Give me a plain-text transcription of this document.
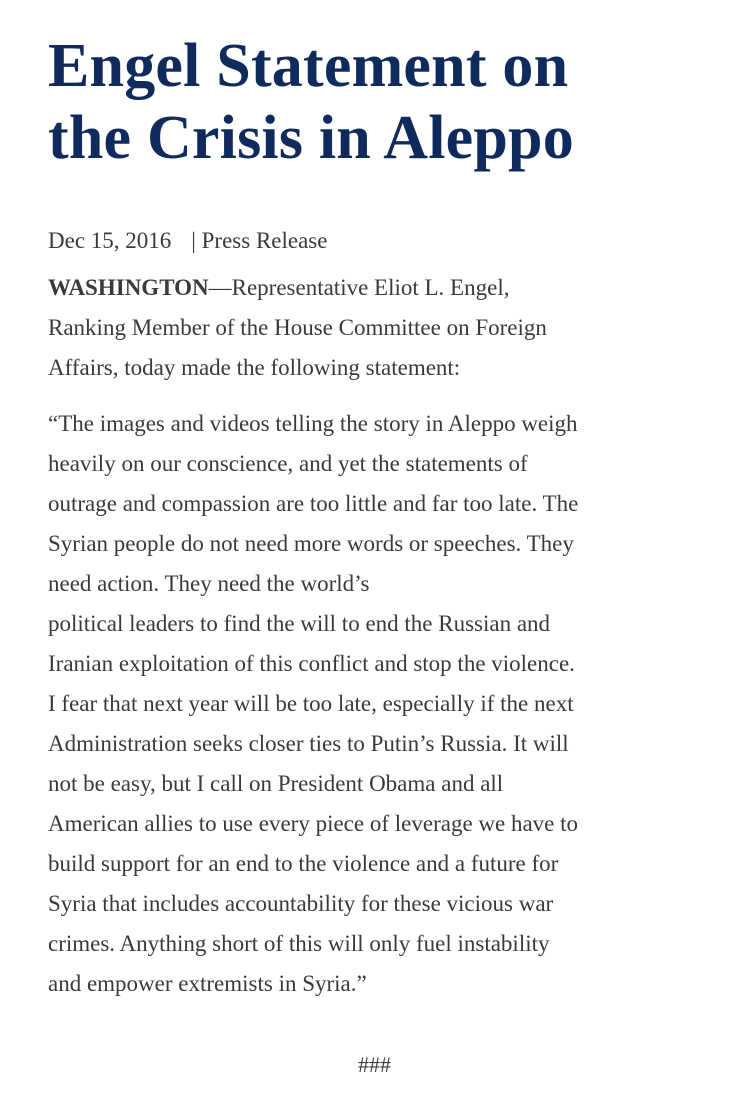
Engel Statement on
the Crisis in Aleppo
Dec 15, 2016 | Press Release
WASHINGTON—Representative Eliot L. Engel,
Ranking Member of the House Committee on Foreign
Affairs, today made the following statement:
“The images and videos telling the story in Aleppo weigh
heavily on our conscience, and yet the statements of
outrage and compassion are too little and far too late. The
Syrian people do not need more words or speeches. They
need action. They need the world’s
political leaders to find the will to end the Russian and
Iranian exploitation of this conflict and stop the violence.
I fear that next year will be too late, especially if the next
Administration seeks closer ties to Putin’s Russia. It will
not be easy, but I call on President Obama and all
American allies to use every piece of leverage we have to
build support for an end to the violence and a future for
Syria that includes accountability for these vicious war
crimes. Anything short of this will only fuel instability
and empower extremists in Syria.”
###
